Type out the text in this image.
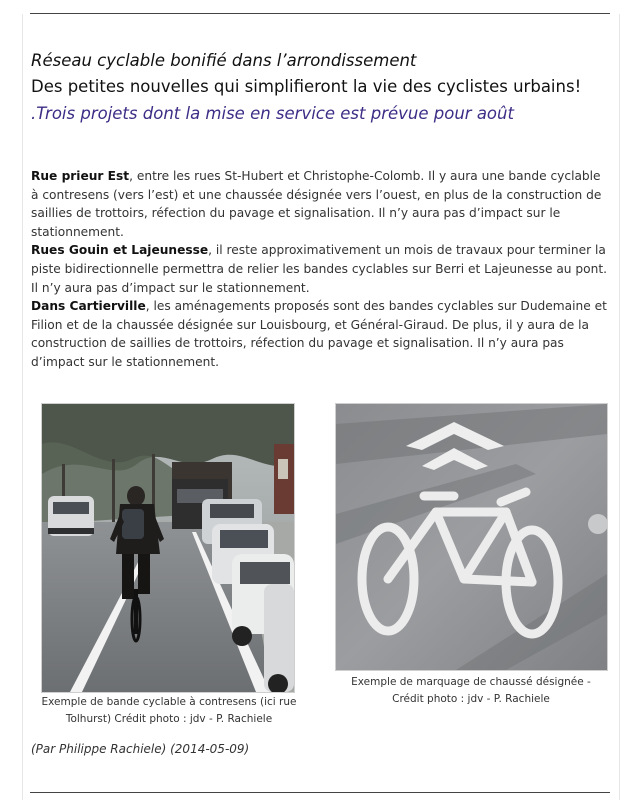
Réseau cyclable bonifié dans l’arrondissement
Des petites nouvelles qui simplifieront la vie des cyclistes urbains!
.Trois projets dont la mise en service est prévue pour août

Rue prieur Est, entre les rues St-Hubert et Christophe-Colomb. Il y aura une bande cyclable à contresens (vers l’est) et une chaussée désignée vers l’ouest, en plus de la construction de saillies de trottoirs, réfection du pavage et signalisation. Il n’y aura pas d’impact sur le stationnement.

Rues Gouin et Lajeunesse, il reste approximativement un mois de travaux pour terminer la piste bidirectionnelle permettra de relier les bandes cyclables sur Berri et Lajeunesse au pont. Il n’y aura pas d’impact sur le stationnement.

Dans Cartierville, les aménagements proposés sont des bandes cyclables sur Dudemaine et Filion et de la chaussée désignée sur Louisbourg, et Général-Giraud. De plus, il y aura de la construction de saillies de trottoirs, réfection du pavage et signalisation. Il n’y aura pas d’impact sur le stationnement.

Exemple de bande cyclable à contresens (ici rue Tolhurst) Crédit photo : jdv - P. Rachiele
Exemple de marquage de chaussé désignée - Crédit photo : jdv - P. Rachiele
(Par Philippe Rachiele) (2014-05-09)
